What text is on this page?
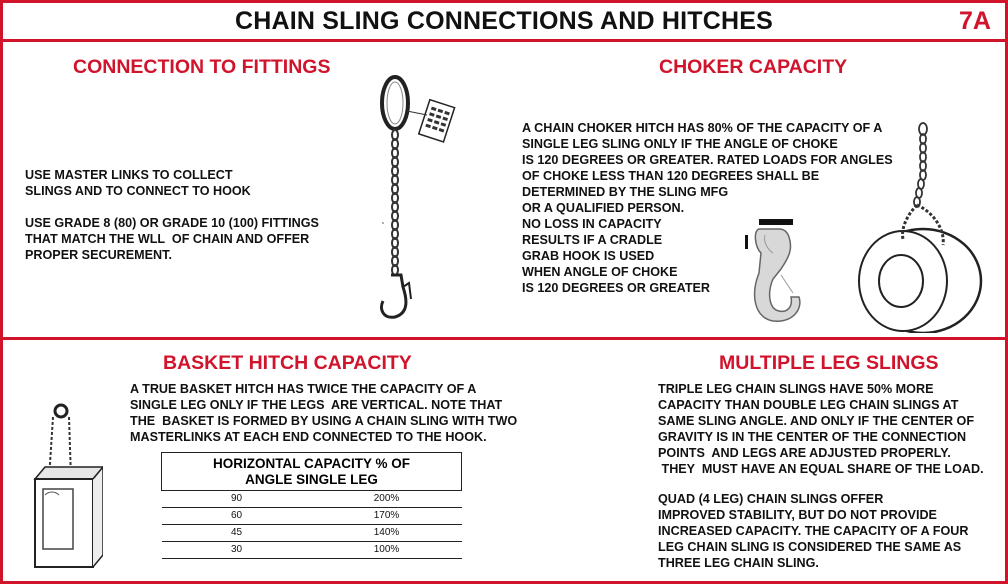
CHAIN SLING CONNECTIONS AND HITCHES	7A
CONNECTION TO FITTINGS
USE MASTER LINKS TO COLLECT
SLINGS AND TO CONNECT TO HOOK
USE GRADE 8 (80) OR GRADE 10 (100) FITTINGS
THAT MATCH THE WLL  OF CHAIN AND OFFER
PROPER SECUREMENT.
CHOKER CAPACITY
A CHAIN CHOKER HITCH HAS 80% OF THE CAPACITY OF A
SINGLE LEG SLING ONLY IF THE ANGLE OF CHOKE
IS 120 DEGREES OR GREATER. RATED LOADS FOR ANGLES
OF CHOKE LESS THAN 120 DEGREES SHALL BE
DETERMINED BY THE SLING MFG
OR A QUALIFIED PERSON.
NO LOSS IN CAPACITY
RESULTS IF A CRADLE
GRAB HOOK IS USED
WHEN ANGLE OF CHOKE
IS 120 DEGREES OR GREATER
BASKET HITCH CAPACITY
A TRUE BASKET HITCH HAS TWICE THE CAPACITY OF A
SINGLE LEG ONLY IF THE LEGS  ARE VERTICAL. NOTE THAT
THE  BASKET IS FORMED BY USING A CHAIN SLING WITH TWO
MASTERLINKS AT EACH END CONNECTED TO THE HOOK.
HORIZONTAL CAPACITY % OF
ANGLE SINGLE LEG	

90	200%
60	170%
45	140%
30	100%
MULTIPLE LEG SLINGS
TRIPLE LEG CHAIN SLINGS HAVE 50% MORE
CAPACITY THAN DOUBLE LEG CHAIN SLINGS AT
SAME SLING ANGLE. AND ONLY IF THE CENTER OF
GRAVITY IS IN THE CENTER OF THE CONNECTION
POINTS  AND LEGS ARE ADJUSTED PROPERLY.
THEY  MUST HAVE AN EQUAL SHARE OF THE LOAD.
QUAD (4 LEG) CHAIN SLINGS OFFER
IMPROVED STABILITY, BUT DO NOT PROVIDE
INCREASED CAPACITY. THE CAPACITY OF A FOUR
LEG CHAIN SLING IS CONSIDERED THE SAME AS
THREE LEG CHAIN SLING.
